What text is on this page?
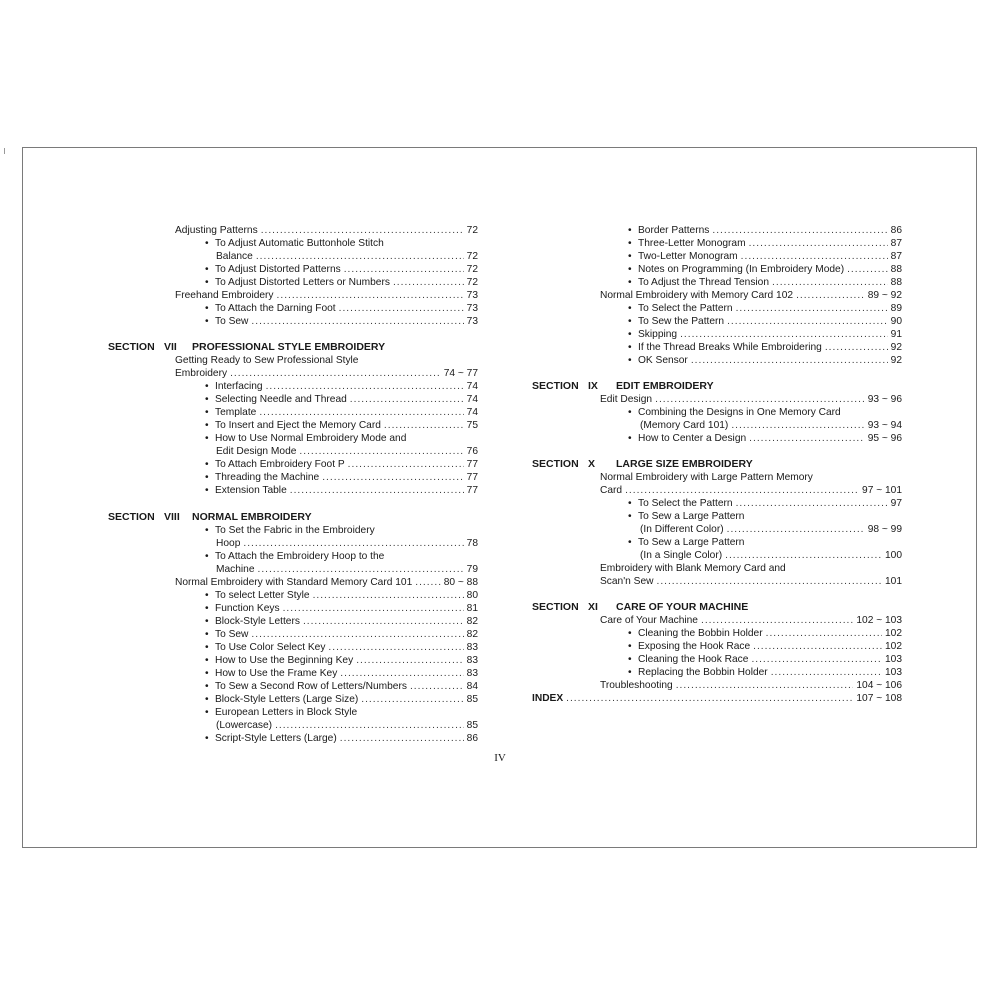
Adjusting Patterns .....	72
• To Adjust Automatic Buttonhole Stitch
Balance .....	72
• To Adjust Distorted Patterns .....	72
• To Adjust Distorted Letters or Numbers .....	72
Freehand Embroidery .....	73
• To Attach the Darning Foot .....	73
• To Sew .....	73
SECTION VII PROFESSIONAL STYLE EMBROIDERY
Getting Ready to Sew Professional Style
Embroidery .....	74 ~ 77
• Interfacing .....	74
• Selecting Needle and Thread .....	74
• Template .....	74
• To Insert and Eject the Memory Card .....	75
• How to Use Normal Embroidery Mode and
Edit Design Mode .....	76
• To Attach Embroidery Foot P .....	77
• Threading the Machine .....	77
• Extension Table .....	77
SECTION VIII NORMAL EMBROIDERY
• To Set the Fabric in the Embroidery
Hoop .....	78
• To Attach the Embroidery Hoop to the
Machine .....	79
Normal Embroidery with Standard Memory Card 101 .....	80 ~ 88
• To select Letter Style .....	80
• Function Keys .....	81
• Block-Style Letters .....	82
• To Sew .....	82
• To Use Color Select Key .....	83
• How to Use the Beginning Key .....	83
• How to Use the Frame Key .....	83
• To Sew a Second Row of Letters/Numbers .....	84
• Block-Style Letters (Large Size) .....	85
• European Letters in Block Style
(Lowercase) .....	85
• Script-Style Letters (Large) .....	86
• Border Patterns .....	86
• Three-Letter Monogram .....	87
• Two-Letter Monogram .....	87
• Notes on Programming (In Embroidery Mode) .....	88
• To Adjust the Thread Tension .....	88
Normal Embroidery with Memory Card 102 .....	89 ~ 92
• To Select the Pattern .....	89
• To Sew the Pattern .....	90
• Skipping .....	91
• If the Thread Breaks While Embroidering .....	92
• OK Sensor .....	92
SECTION IX EDIT EMBROIDERY
Edit Design .....	93 ~ 96
• Combining the Designs in One Memory Card
(Memory Card 101) .....	93 ~ 94
• How to Center a Design .....	95 ~ 96
SECTION X LARGE SIZE EMBROIDERY
Normal Embroidery with Large Pattern Memory
Card .....	97 ~ 101
• To Select the Pattern .....	97
• To Sew a Large Pattern
(In Different Color) .....	98 ~ 99
• To Sew a Large Pattern
(In a Single Color) .....	100
Embroidery with Blank Memory Card and
Scan'n Sew .....	101
SECTION XI CARE OF YOUR MACHINE
Care of Your Machine .....	102 ~ 103
• Cleaning the Bobbin Holder .....	102
• Exposing the Hook Race .....	102
• Cleaning the Hook Race .....	103
• Replacing the Bobbin Holder .....	103
Troubleshooting .....	104 ~ 106
INDEX .....	107 ~ 108
IV
